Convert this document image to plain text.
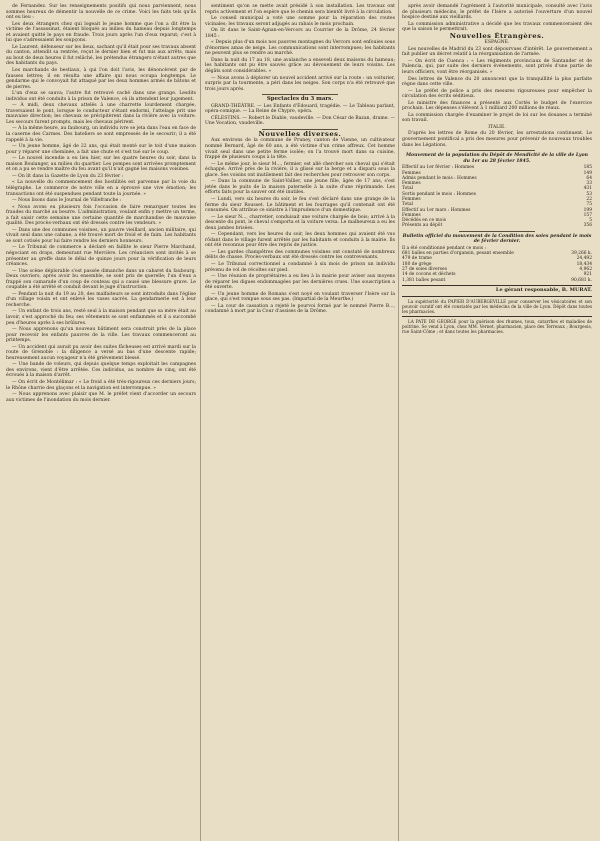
de Fernandez. Sur les renseignements positifs qui nous parviennent, nous sommes heureux de démentir la nouvelle de ce crime. Voici les faits tels qu'ils ont eu lieu :

Les deux étrangers chez qui logeait le jeune homme que l'on a dit être la victime de l'assassinat, étaient bloqués au milieu du hameau depuis longtemps et avaient quitté le pays en fraude. Trois jours après l'un d'eux reparut; c'est à lui que s'adressaient les soupçons.

Le Laurent, défenseur sur les lieux, sachant qu'il était pour ses travaux absent du canton, attendit sa rentrée, reçut le dernier bien et fut mis aux arrêts, mais au bout de deux heures il fut relâché, les prétendus étrangers n'étant autres que des habitants du pays.

Les marchands de bestiaux, à qui l'on doit l'avis, les dénoncèrent par de fausses lettres; il en résulta une affaire qui nous occupa longtemps. Le gendarme qui le convoyait fut attaqué par les deux hommes armés de bâtons et de pierres.

L'un d'eux se sauva; l'autre fut retrouvé caché dans une grange. Lesdits individus ont été conduits à la prison de Valence, où ils attendent leur jugement.

— À midi, deux chevaux attelés à une charrette lourdement chargée, traversaient le pont, lorsque le conducteur s'étant endormi, l'attelage prit une mauvaise direction; les chevaux se précipitèrent dans la rivière avec la voiture. Les secours furent prompts, mais les chevaux périrent.

— À la même heure, au faubourg, un individu ivre se jeta dans l'eau en face de la caserne des Carmes. Des bateliers se sont empressés de le secourir; il a été rappelé à la vie.

— Un jeune homme, âgé de 22 ans, qui était monté sur le toit d'une maison pour y réparer une cheminée, a fait une chute et s'est tué sur le coup.

— Le nouvel incendie a eu lieu hier, sur les quatre heures du soir, dans la maison Boulanger, au milieu du quartier. Les pompes sont arrivées promptement et on a pu se rendre maître du feu avant qu'il n'ait gagné les maisons voisines.

— On lit dans la Gazette de Lyon du 23 février :

« La nouvelle du commencement des hostilités est parvenue par la voie du télégraphe. Le commerce de notre ville en a éprouvé une vive émotion; les transactions ont été suspendues pendant toute la journée. »

— Nous lisons dans le Journal de Villefranche :

« Nous avons eu plusieurs fois l'occasion de faire remarquer toutes les fraudes du marché au beurre. L'administration, voulant enfin y mettre un terme, a fait saisir cette semaine une certaine quantité de marchandise de mauvaise qualité. Des procès-verbaux ont été dressés contre les vendeurs. »

— Dans une des communes voisines, un pauvre vieillard, ancien militaire, qui vivait seul dans une cabane, a été trouvé mort de froid et de faim. Les habitants se sont cotisés pour lui faire rendre les derniers honneurs.

— Le Tribunal de commerce a déclaré en faillite le sieur Pierre Marchand, négociant en draps, demeurant rue Mercière. Les créanciers sont invités à se présenter au greffe dans le délai de quinze jours pour la vérification de leurs créances.

— Une scène déplorable s'est passée dimanche dans un cabaret du faubourg. Deux ouvriers, après avoir bu ensemble, se sont pris de querelle; l'un d'eux a frappé son camarade d'un coup de couteau qui a causé une blessure grave. Le coupable a été arrêté et conduit devant le juge d'instruction.

— Pendant la nuit du 19 au 20, des malfaiteurs se sont introduits dans l'église d'un village voisin et ont enlevé les vases sacrés. La gendarmerie est à leur recherche.

— Un enfant de trois ans, resté seul à la maison pendant que sa mère était au lavoir, s'est approché du feu; ses vêtements se sont enflammés et il a succombé peu d'heures après à ses brûlures.

— Nous apprenons qu'un nouveau bâtiment sera construit près de la place pour recevoir les enfants pauvres de la ville. Les travaux commenceront au printemps.

— Un accident qui aurait pu avoir des suites fâcheuses est arrivé mardi sur la route de Grenoble : la diligence a versé au bas d'une descente rapide; heureusement aucun voyageur n'a été grièvement blessé.

— Une bande de voleurs, qui depuis quelque temps exploitait les campagnes des environs, vient d'être arrêtée. Ces individus, au nombre de cinq, ont été écroués à la maison d'arrêt.

— On écrit de Montélimar : « Le froid a été très-rigoureux ces derniers jours; le Rhône charrie des glaçons et la navigation est interrompue. »

— Nous apprenons avec plaisir que M. le préfet vient d'accorder un secours aux victimes de l'inondation du mois dernier.

sentiment qu'on se mette avait présidé à son installation. Les travaux ont repris activement et l'on espère que le chemin sera bientôt livré à la circulation.

Le conseil municipal a voté une somme pour la réparation des routes vicinales; les travaux seront adjugés au rabais le mois prochain.

On lit dans le Saint-Agnan-en-Vercors au Courrier de la Drôme, 24 février 1845 :

« Depuis plus d'un mois nos pauvres montagnes du Vercors sont enfouies sous d'énormes amas de neige. Les communications sont interrompues; les habitants ne peuvent plus se rendre au marché.

Dans la nuit du 17 au 18, une avalanche a enseveli deux maisons du hameau; les habitants ont pu être sauvés grâce au dévouement de leurs voisins. Les dégâts sont considérables. »

— Nous avons à déplorer un nouvel accident arrivé sur la route : un voiturier, surpris par la tourmente, a péri dans les neiges. Son corps n'a été retrouvé que trois jours après.

Spectacles du 3 mars.

GRAND-THÉÂTRE. — Les Enfants d'Édouard, tragédie. — Le Tableau parlant, opéra-comique. — La Reine de Chypre, opéra.

CÉLESTINS. — Robert le Diable, vaudeville. — Don César de Bazan, drame. — Une Vocation, vaudeville.

Nouvelles diverses.

Aux environs de la commune de Pruney, canton de Vienne, un cultivateur nommé Bernard, âgé de 60 ans, a été victime d'un crime affreux. Cet homme vivait seul dans une petite ferme isolée; on l'a trouvé mort dans sa cuisine, frappé de plusieurs coups à la tête.

— Le même jour, le sieur M..., fermier, est allé chercher son cheval qui s'était échappé. Arrivé près de la rivière, il a glissé sur la berge et a disparu sous la glace. Ses voisins ont inutilement fait des recherches pour retrouver son corps.

— Dans la commune de Saint-Vallier, une jeune fille, âgée de 17 ans, s'est jetée dans le puits de la maison paternelle à la suite d'une réprimande. Les efforts faits pour la sauver ont été inutiles.

— Lundi, vers six heures du soir, le feu s'est déclaré dans une grange de la ferme du sieur Rousset. Le bâtiment et les fourrages qu'il contenait ont été consumés. On attribue ce sinistre à l'imprudence d'un domestique.

— Le sieur N..., charretier, conduisait une voiture chargée de bois; arrivé à la descente du pont, le cheval s'emporta et la voiture versa. Le malheureux a eu les deux jambes brisées.

— Cependant, vers les heures du soir, les deux hommes qui avaient été vus rôdant dans le village furent arrêtés par les habitants et conduits à la mairie. Ils ont été reconnus pour être des repris de justice.

— Les gardes champêtres des communes voisines ont constaté de nombreux délits de chasse. Procès-verbaux ont été dressés contre les contrevenants.

— Le Tribunal correctionnel a condamné à six mois de prison un individu prévenu de vol de récoltes sur pied.

— Une réunion de propriétaires a eu lieu à la mairie pour aviser aux moyens de réparer les digues endommagées par les dernières crues. Une souscription a été ouverte.

— Un jeune homme de Romans s'est noyé en voulant traverser l'Isère sur la glace, qui s'est rompue sous ses pas. (Impartial de la Meurthe.)

— La cour de cassation a rejeté le pourvoi formé par le nommé Pierre B..., condamné à mort par la Cour d'assises de la Drôme.

après avoir demandé l'agrément à l'autorité municipale, consulté avec l'avis de plusieurs médecins, le préfet de l'Isère a autorisé l'ouverture d'un nouvel hospice destiné aux vieillards.

La commission administrative a décidé que les travaux commenceraient dès que la saison le permettrait.

Nouvelles Étrangères.

ESPAGNE.

Les nouvelles de Madrid du 23 sont dépourvues d'intérêt. Le gouvernement a fait publier un décret relatif à la réorganisation de l'armée.

— On écrit de Cuenca : « Les régiments provinciaux de Santander et de Palencia, qui, par suite des derniers événements, sont privés d'une partie de leurs officiers, vont être réorganisés. »

Des lettres de Valence du 20 annoncent que la tranquillité la plus parfaite règne dans cette ville.

— Le préfet de police a pris des mesures rigoureuses pour empêcher la circulation des écrits séditieux.

Le ministre des finances a présenté aux Cortès le budget de l'exercice prochain. Les dépenses s'élèvent à 1 milliard 200 millions de réaux.

La commission chargée d'examiner le projet de loi sur les douanes a terminé son travail.

ITALIE.

D'après les lettres de Rome du 20 février, les arrestations continuent. Le gouvernement pontifical a pris des mesures pour prévenir de nouveaux troubles dans les Légations.

Mouvement de la population du Dépôt de Mendicité de la ville de Lyon du 1er au 28 février 1845.

Effectif au 1er février : Hommes	185
Femmes	149
Admis pendant le mois : Hommes	64
Femmes	33
Total	431
Sortis pendant le mois : Hommes	53
Femmes	22
Total	75
Effectif au 1er mars : Hommes	199
Femmes	157
Décédés en ce mois	5
Présents au dépôt	356

Bulletin officiel du mouvement de la Condition des soies pendant le mois de février dernier.

Il a été conditionné pendant ce mois :	
681 balles en parties d'organsin, pesant ensemble	39,266 k.
479 de trame	24,492
180 de grège	18,434
27 de soies diverses	4,962
14 de cocons et déchets	921
1,381 balles pesant	90,681 k.

Le gérant responsable, B. MURAT.

La supériorité du PAPIER D'AUBERGEVILLE pour conserver les vésicatoires et son pouvoir curatif ont été constatés par les médecins de la ville de Lyon. Dépôt dans toutes les pharmacies.

LA PATE DE GEORGE pour la guérison des rhumes, toux, catarrhes et maladies de poitrine. Se vend à Lyon, chez MM. Vernet, pharmacien, place des Terreaux ; Bourgeois, rue Saint-Côme ; et dans toutes les pharmacies.
